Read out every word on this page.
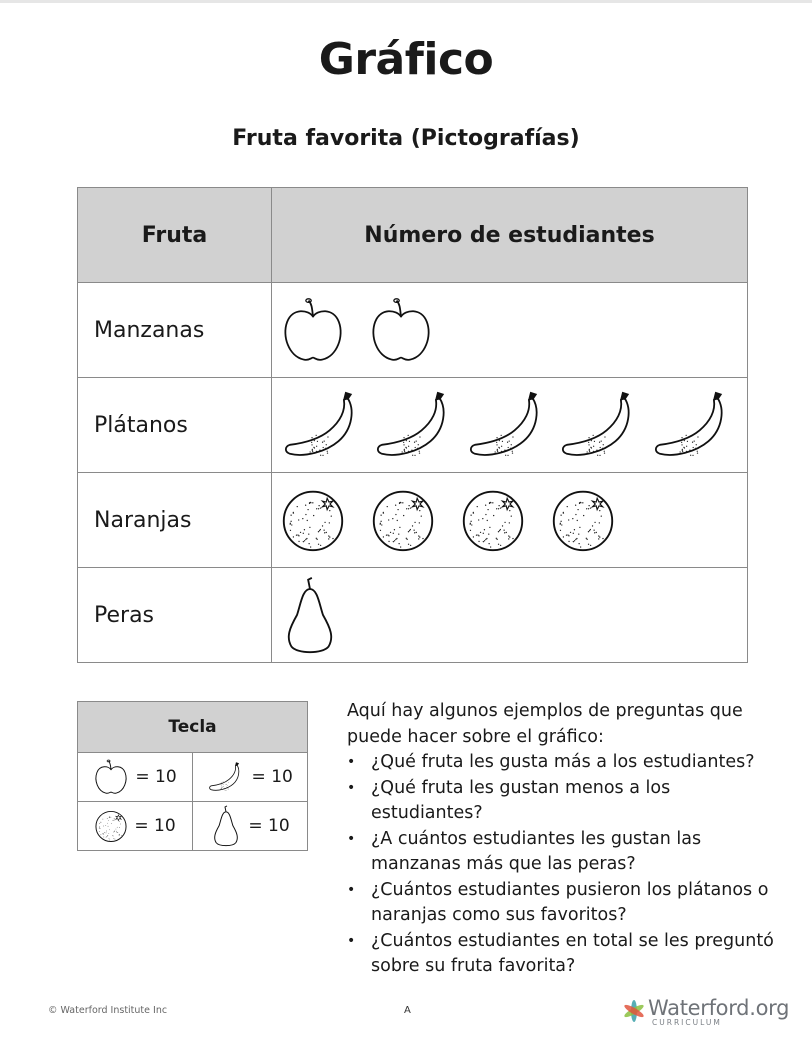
Gráfico
Fruta favorita (Pictografías)
Fruta	Número de estudiantes
Manzanas	

Plátanos	

Naranjas	

Peras	
Tecla	

= 10	= 10

= 10	= 10
Aquí hay algunos ejemplos de preguntas que puede hacer sobre el gráfico:
• ¿Qué fruta les gusta más a los estudiantes?
• ¿Qué fruta les gustan menos a los estudiantes?
• ¿A cuántos estudiantes les gustan las manzanas más que las peras?
• ¿Cuántos estudiantes pusieron los plátanos o naranjas como sus favoritos?
• ¿Cuántos estudiantes en total se les preguntó sobre su fruta favorita?
© Waterford Institute Inc	A	Waterford.org
CURRICULUM
